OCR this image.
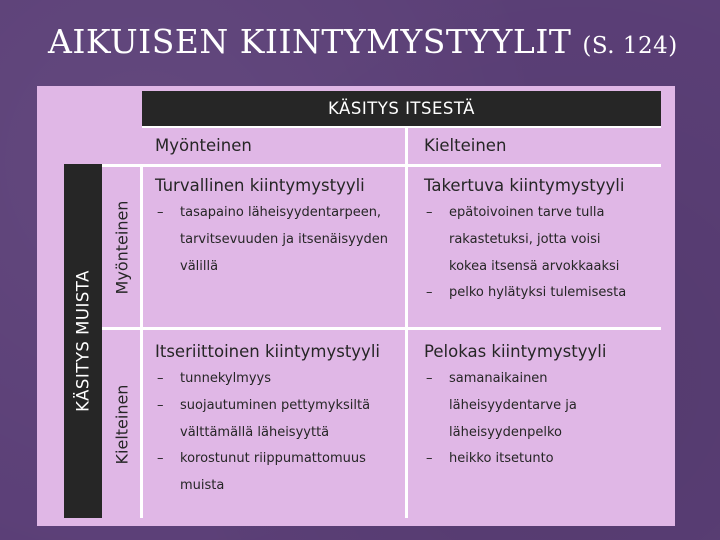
AIKUISEN KIINTYMYSTYYLIT (S. 124)
KÄSITYS ITSESTÄ
KÄSITYS MUISTA
Myönteinen	Kielteinen
Myönteinen
Kielteinen
Turvallinen kiintymystyyli
– tasapaino läheisyydentarpeen,
tarvitsevuuden ja itsenäisyyden
välillä
Takertuva kiintymystyyli
– epätoivoinen tarve tulla
rakastetuksi, jotta voisi
kokea itsensä arvokkaaksi
– pelko hylätyksi tulemisesta
Itseriittoinen kiintymystyyli
– tunnekylmyys
– suojautuminen pettymyksiltä
välttämällä läheisyyttä
– korostunut riippumattomuus
muista
Pelokas kiintymystyyli
– samanaikainen
läheisyydentarve ja
läheisyydenpelko
– heikko itsetunto
